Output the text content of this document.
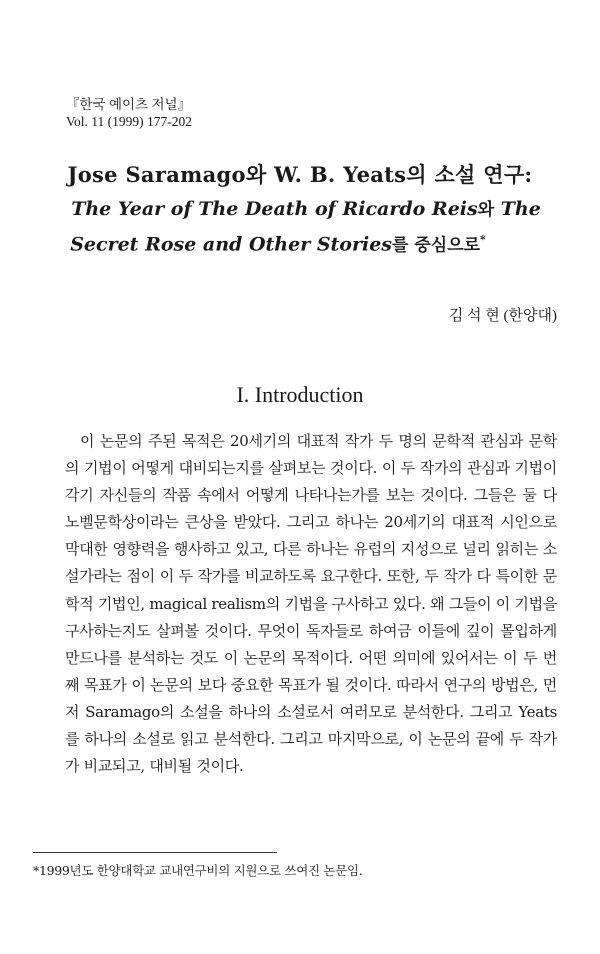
『한국 예이츠 저널』
Vol. 11 (1999) 177-202
Jose Saramago와 W. B. Yeats의 소설 연구:

The Year of The Death of Ricardo Reis와 The

Secret Rose and Other Stories를 중심으로*

김 석 현 (한양대)
I. Introduction

이 논문의 주된 목적은 20세기의 대표적 작가 두 명의 문학적 관심과 문학의 기법이 어떻게 대비되는지를 살펴보는 것이다. 이 두 작가의 관심과 기법이 각기 자신들의 작품 속에서 어떻게 나타나는가를 보는 것이다. 그들은 둘 다 노벨문학상이라는 큰상을 받았다. 그리고 하나는 20세기의 대표적 시인으로 막대한 영향력을 행사하고 있고, 다른 하나는 유럽의 지성으로 널리 읽히는 소설가라는 점이 이 두 작가를 비교하도록 요구한다. 또한, 두 작가 다 특이한 문학적 기법인, magical realism의 기법을 구사하고 있다. 왜 그들이 이 기법을 구사하는지도 살펴볼 것이다. 무엇이 독자들로 하여금 이들에 깊이 몰입하게 만드나를 분석하는 것도 이 논문의 목적이다. 어떤 의미에 있어서는 이 두 번째 목표가 이 논문의 보다 중요한 목표가 될 것이다. 따라서 연구의 방법은, 먼저 Saramago의 소설을 하나의 소설로서 여러모로 분석한다. 그리고 Yeats를 하나의 소설로 읽고 분석한다. 그리고 마지막으로, 이 논문의 끝에 두 작가가 비교되고, 대비될 것이다.

*1999년도 한양대학교 교내연구비의 지원으로 쓰여진 논문임.
